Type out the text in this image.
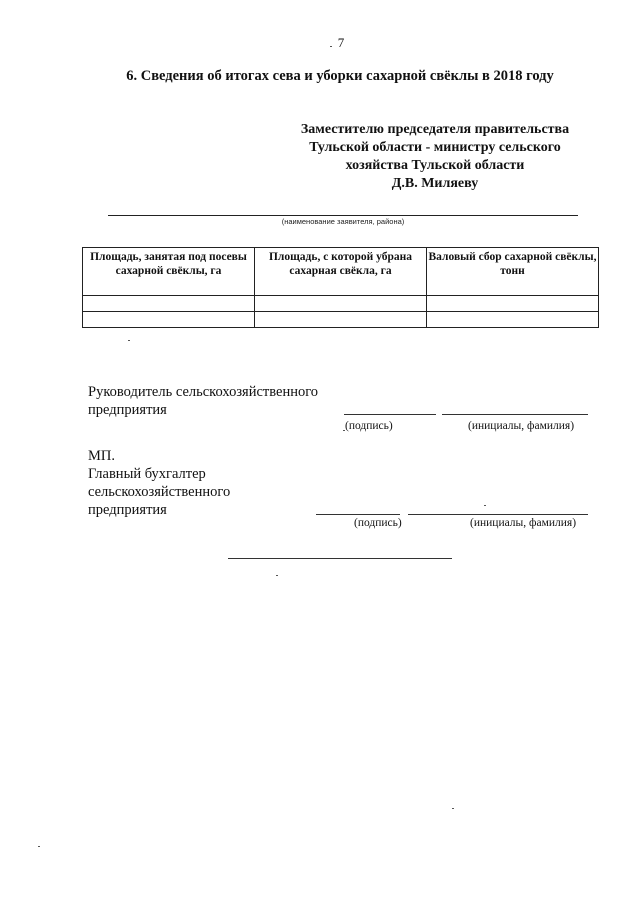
7
6. Сведения об итогах сева и уборки сахарной свёклы в 2018 году
Заместителю председателя правительства
Тульской области - министру сельского
хозяйства Тульской области
Д.В. Миляеву
(наименование заявителя, района)
Площадь, занятая под посевы сахарной свёклы, га	Площадь, с которой убрана сахарная свёкла, га	Валовый сбор сахарной свёклы, тонн

Руководитель сельскохозяйственного
предприятия
(подпись)	(инициалы, фамилия)
МП.
Главный бухгалтер
сельскохозяйственного
предприятия
(подпись)	(инициалы, фамилия)
